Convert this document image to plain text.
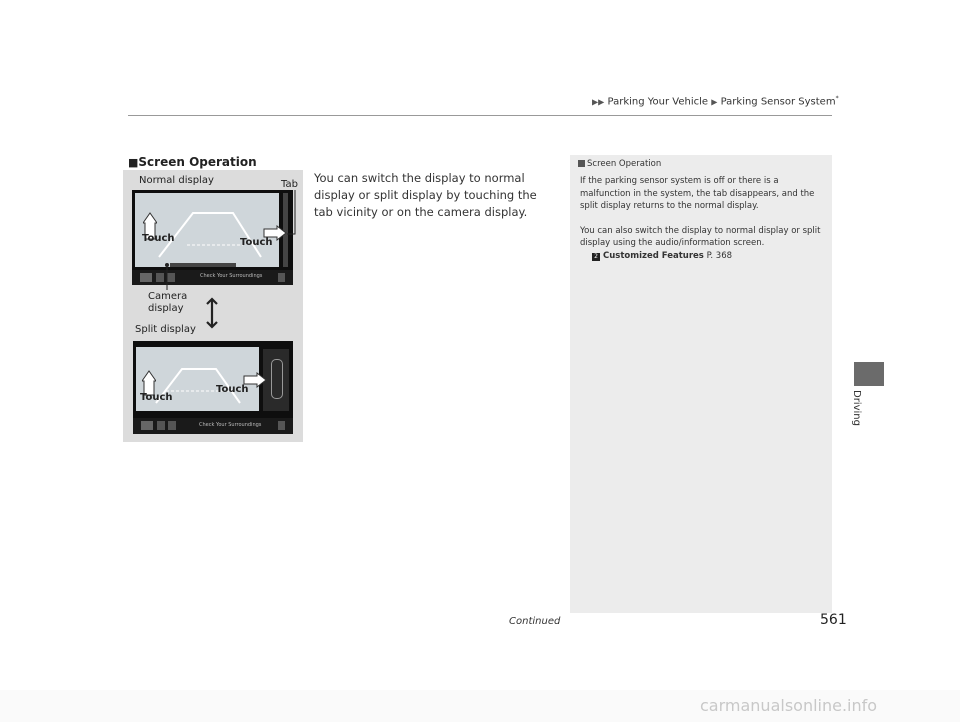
▶▶ Parking Your Vehicle ▶ Parking Sensor System*
■Screen Operation
Normal display	Tab
Check Your Surroundings
Touch	Touch
Camera
display
Split display
Check Your Surroundings
Touch
Touch
You can switch the display to normal display or split display by touching the tab vicinity or on the camera display.
Screen Operation

If the parking sensor system is off or there is a malfunction in the system, the tab disappears, and the split display returns to the normal display.

You can also switch the display to normal display or split display using the audio/information screen.

2 Customized Features P. 368
Driving
Continued	561
carmanualsonline.info
